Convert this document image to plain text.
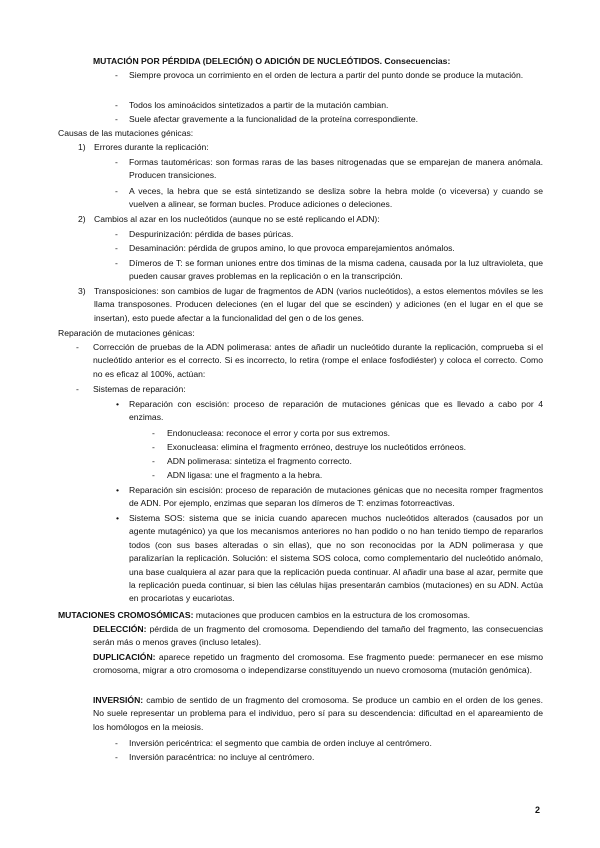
MUTACIÓN POR PÉRDIDA (DELECIÓN) O ADICIÓN DE NUCLEÓTIDOS. Consecuencias:
- Siempre provoca un corrimiento en el orden de lectura a partir del punto donde se produce la mutación.
- Todos los aminoácidos sintetizados a partir de la mutación cambian.
- Suele afectar gravemente a la funcionalidad de la proteína correspondiente.
Causas de las mutaciones génicas:
1) Errores durante la replicación:
- Formas tautoméricas: son formas raras de las bases nitrogenadas que se emparejan de manera anómala. Producen transiciones.
- A veces, la hebra que se está sintetizando se desliza sobre la hebra molde (o viceversa) y cuando se vuelven a alinear, se forman bucles. Produce adiciones o deleciones.
2) Cambios al azar en los nucleótidos (aunque no se esté replicando el ADN):
- Despurinización: pérdida de bases púricas.
- Desaminación: pérdida de grupos amino, lo que provoca emparejamientos anómalos.
- Dímeros de T: se forman uniones entre dos timinas de la misma cadena, causada por la luz ultravioleta, que pueden causar graves problemas en la replicación o en la transcripción.
3) Transposiciones: son cambios de lugar de fragmentos de ADN (varios nucleótidos), a estos elementos móviles se les llama transposones. Producen deleciones (en el lugar del que se escinden) y adiciones (en el lugar en el que se insertan), esto puede afectar a la funcionalidad del gen o de los genes.
Reparación de mutaciones génicas:
- Corrección de pruebas de la ADN polimerasa: antes de añadir un nucleótido durante la replicación, comprueba si el nucleótido anterior es el correcto. Si es incorrecto, lo retira (rompe el enlace fosfodiéster) y coloca el correcto. Como no es eficaz al 100%, actúan:
- Sistemas de reparación:
• Reparación con escisión: proceso de reparación de mutaciones génicas que es llevado a cabo por 4 enzimas.
- Endonucleasa: reconoce el error y corta por sus extremos.
- Exonucleasa: elimina el fragmento erróneo, destruye los nucleótidos erróneos.
- ADN polimerasa: sintetiza el fragmento correcto.
- ADN ligasa: une el fragmento a la hebra.
• Reparación sin escisión: proceso de reparación de mutaciones génicas que no necesita romper fragmentos de ADN. Por ejemplo, enzimas que separan los dímeros de T: enzimas fotorreactivas.
• Sistema SOS: sistema que se inicia cuando aparecen muchos nucleótidos alterados (causados por un agente mutagénico) ya que los mecanismos anteriores no han podido o no han tenido tiempo de repararlos todos (con sus bases alteradas o sin ellas), que no son reconocidas por la ADN polimerasa y que paralizarían la replicación. Solución: el sistema SOS coloca, como complementario del nucleótido anómalo, una base cualquiera al azar para que la replicación pueda continuar. Al añadir una base al azar, permite que la replicación pueda continuar, si bien las células hijas presentarán cambios (mutaciones) en su ADN. Actúa en procariotas y eucariotas.
MUTACIONES CROMOSÓMICAS: mutaciones que producen cambios en la estructura de los cromosomas.
DELECCIÓN: pérdida de un fragmento del cromosoma. Dependiendo del tamaño del fragmento, las consecuencias serán más o menos graves (incluso letales).
DUPLICACIÓN: aparece repetido un fragmento del cromosoma. Ese fragmento puede: permanecer en ese mismo cromosoma, migrar a otro cromosoma o independizarse constituyendo un nuevo cromosoma (mutación genómica).
INVERSIÓN: cambio de sentido de un fragmento del cromosoma. Se produce un cambio en el orden de los genes. No suele representar un problema para el individuo, pero sí para su descendencia: dificultad en el apareamiento de los homólogos en la meiosis.
- Inversión pericéntrica: el segmento que cambia de orden incluye al centrómero.
- Inversión paracéntrica: no incluye al centrómero.
2
